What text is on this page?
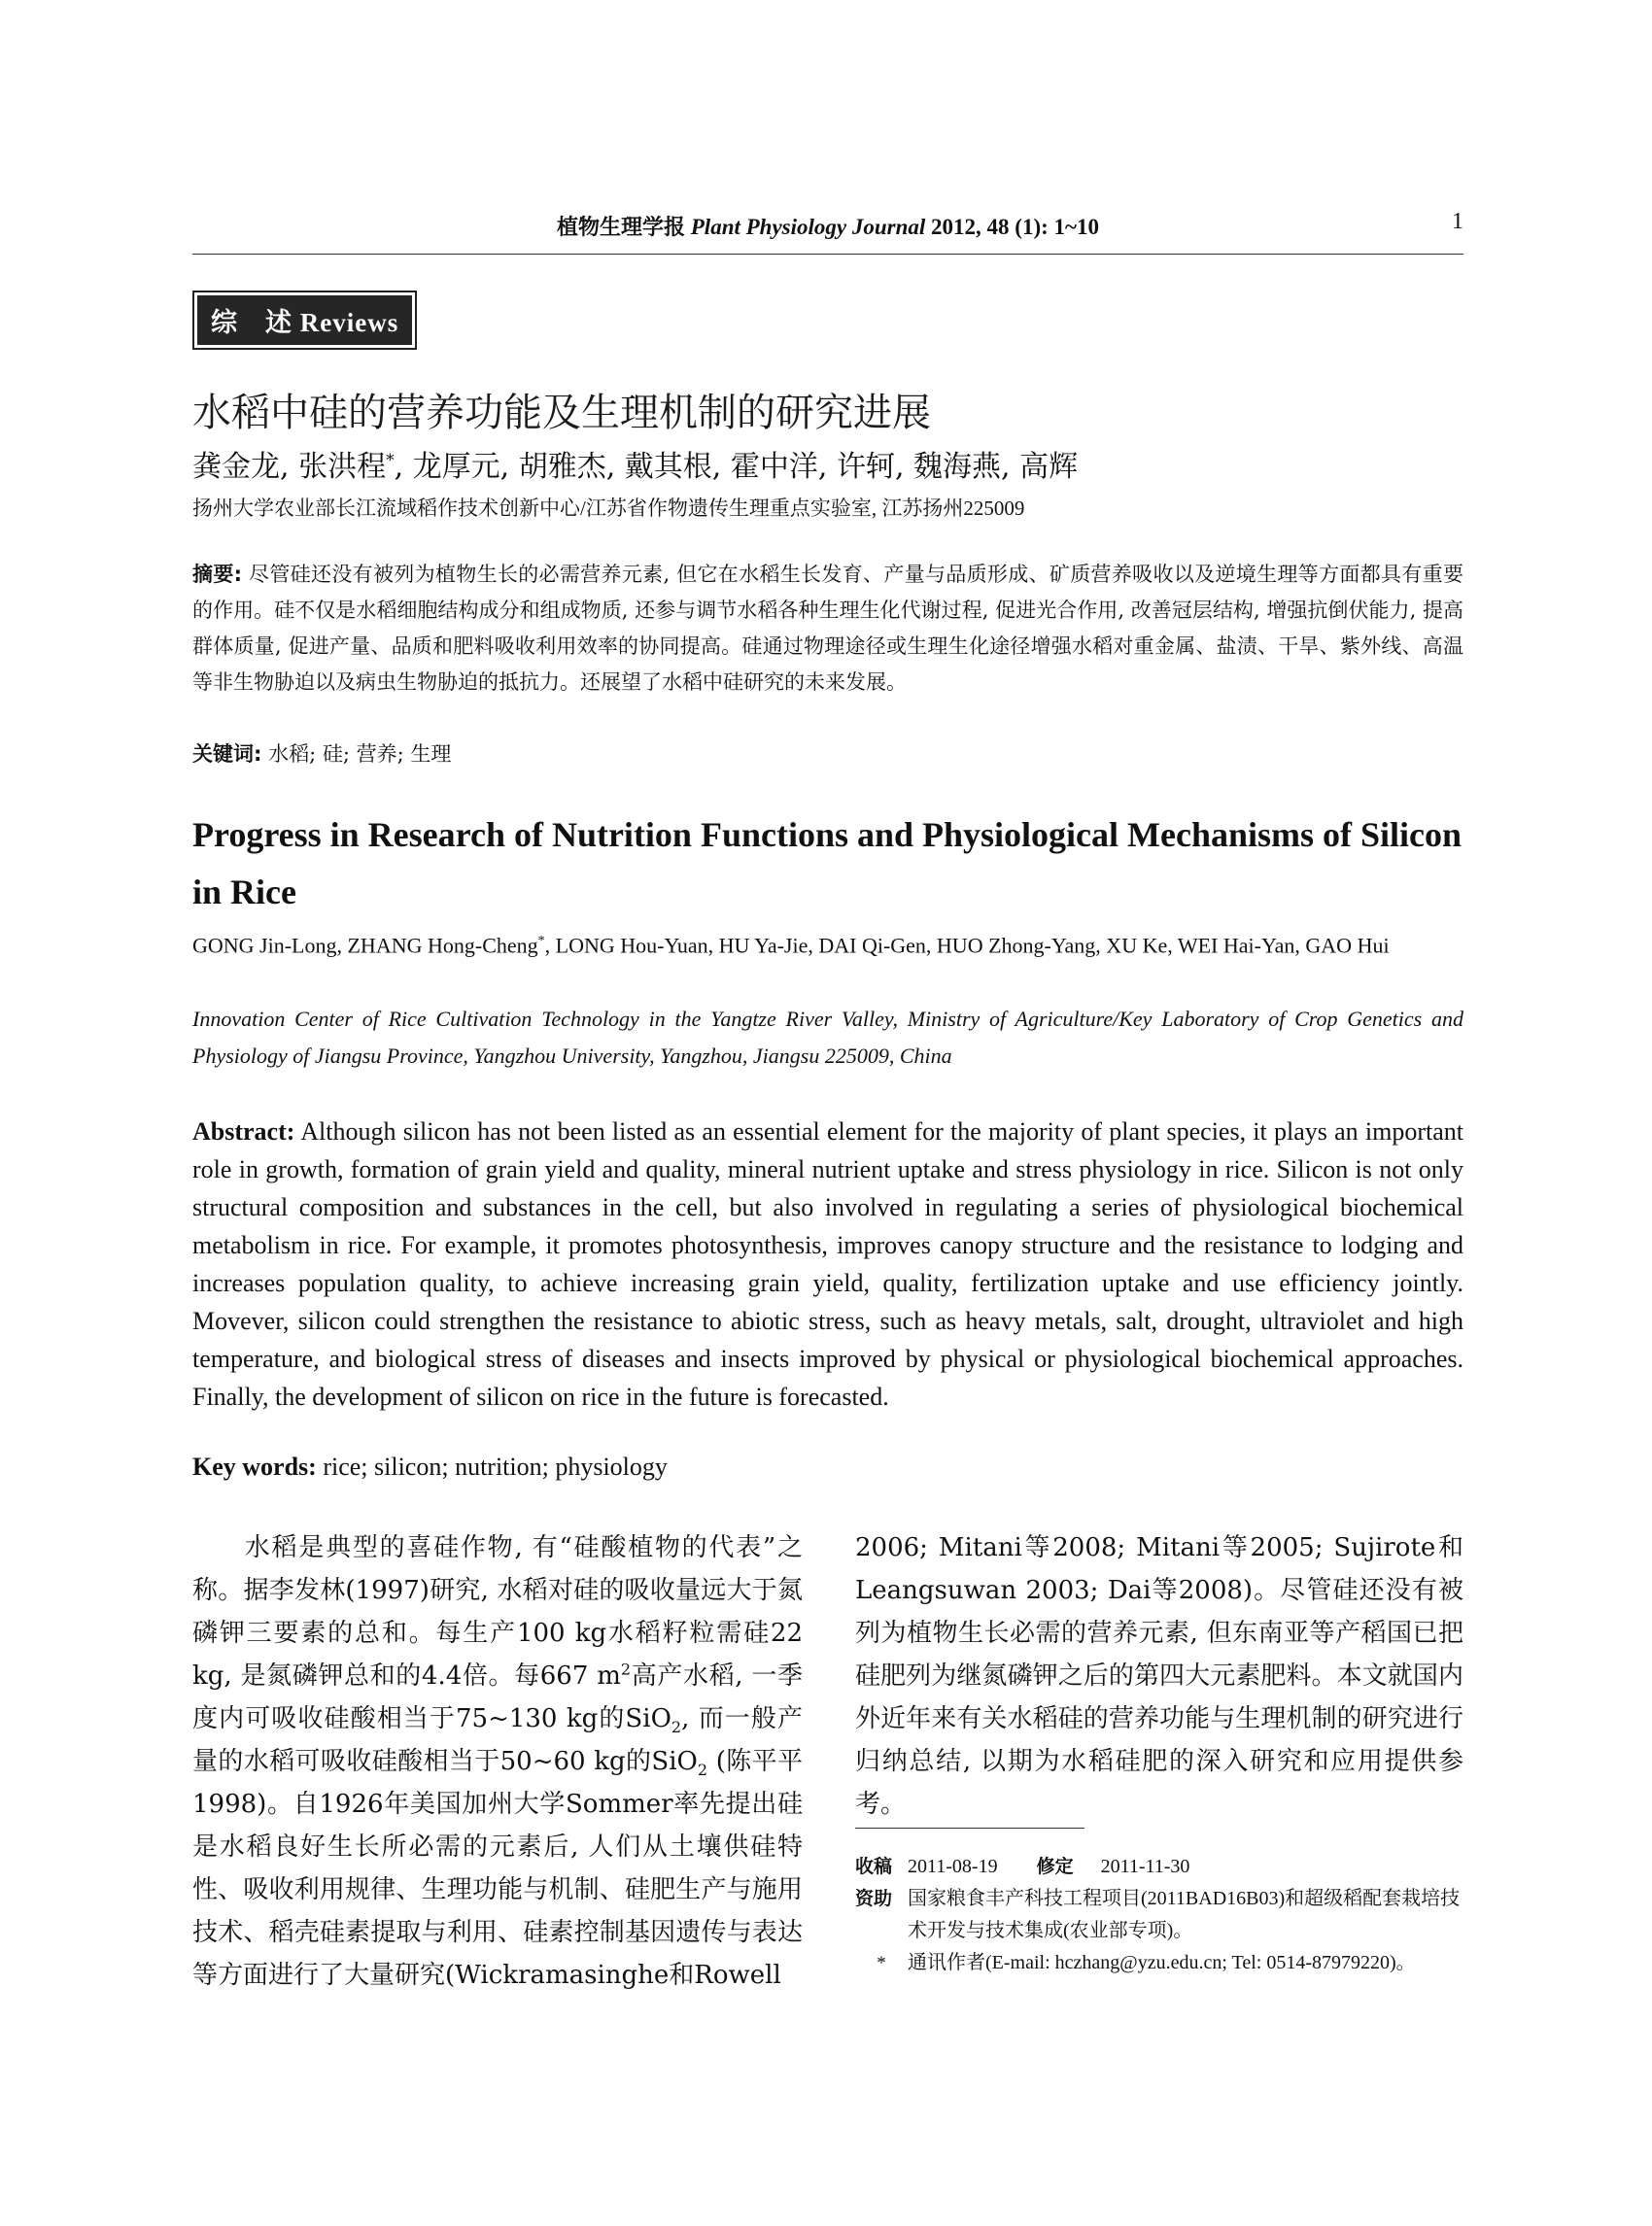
植物生理学报 Plant Physiology Journal 2012, 48 (1): 1~10	1
综　述 Reviews
水稻中硅的营养功能及生理机制的研究进展
龚金龙, 张洪程*, 龙厚元, 胡雅杰, 戴其根, 霍中洋, 许轲, 魏海燕, 高辉
扬州大学农业部长江流域稻作技术创新中心/江苏省作物遗传生理重点实验室, 江苏扬州225009
摘要: 尽管硅还没有被列为植物生长的必需营养元素, 但它在水稻生长发育、产量与品质形成、矿质营养吸收以及逆境生理等方面都具有重要的作用。硅不仅是水稻细胞结构成分和组成物质, 还参与调节水稻各种生理生化代谢过程, 促进光合作用, 改善冠层结构, 增强抗倒伏能力, 提高群体质量, 促进产量、品质和肥料吸收利用效率的协同提高。硅通过物理途径或生理生化途径增强水稻对重金属、盐渍、干旱、紫外线、高温等非生物胁迫以及病虫生物胁迫的抵抗力。还展望了水稻中硅研究的未来发展。
关键词: 水稻; 硅; 营养; 生理
Progress in Research of Nutrition Functions and Physiological Mechanisms of Silicon in Rice
GONG Jin-Long, ZHANG Hong-Cheng*, LONG Hou-Yuan, HU Ya-Jie, DAI Qi-Gen, HUO Zhong-Yang, XU Ke, WEI Hai-Yan, GAO Hui
Innovation Center of Rice Cultivation Technology in the Yangtze River Valley, Ministry of Agriculture/Key Laboratory of Crop Genetics and Physiology of Jiangsu Province, Yangzhou University, Yangzhou, Jiangsu 225009, China
Abstract: Although silicon has not been listed as an essential element for the majority of plant species, it plays an important role in growth, formation of grain yield and quality, mineral nutrient uptake and stress physiology in rice. Silicon is not only structural composition and substances in the cell, but also involved in regulating a series of physiological biochemical metabolism in rice. For example, it promotes photosynthesis, improves canopy structure and the resistance to lodging and increases population quality, to achieve increasing grain yield, quality, fertilization uptake and use efficiency jointly. Movever, silicon could strengthen the resistance to abiotic stress, such as heavy metals, salt, drought, ultraviolet and high temperature, and biological stress of diseases and insects improved by physical or physiological biochemical approaches. Finally, the development of silicon on rice in the future is forecasted.
Key words: rice; silicon; nutrition; physiology
水稻是典型的喜硅作物, 有“硅酸植物的代表”之称。据李发林(1997)研究, 水稻对硅的吸收量远大于氮磷钾三要素的总和。每生产100 kg水稻籽粒需硅22 kg, 是氮磷钾总和的4.4倍。每667 $m^2$高产水稻, 一季度内可吸收硅酸相当于75~130 kg的SiO$_2$, 而一般产量的水稻可吸收硅酸相当于50~60 kg的SiO$_2$ (陈平平1998)。自1926年美国加州大学Sommer率先提出硅是水稻良好生长所必需的元素后, 人们从土壤供硅特性、吸收利用规律、生理功能与机制、硅肥生产与施用技术、稻壳硅素提取与利用、硅素控制基因遗传与表达等方面进行了大量研究(Wickramasinghe和Rowell
2006; Mitani等2008; Mitani等2005; Sujirote和Leangsuwan 2003; Dai等2008)。尽管硅还没有被列为植物生长必需的营养元素, 但东南亚等产稻国已把硅肥列为继氮磷钾之后的第四大元素肥料。本文就国内外近年来有关水稻硅的营养功能与生理机制的研究进行归纳总结, 以期为水稻硅肥的深入研究和应用提供参考。
收稿 2011-08-19 修定 2011-11-30
资助 国家粮食丰产科技工程项目(2011BAD16B03)和超级稻配套栽培技术开发与技术集成(农业部专项)。
*	通讯作者(E-mail: hczhang@yzu.edu.cn; Tel: 0514-87979220)。
